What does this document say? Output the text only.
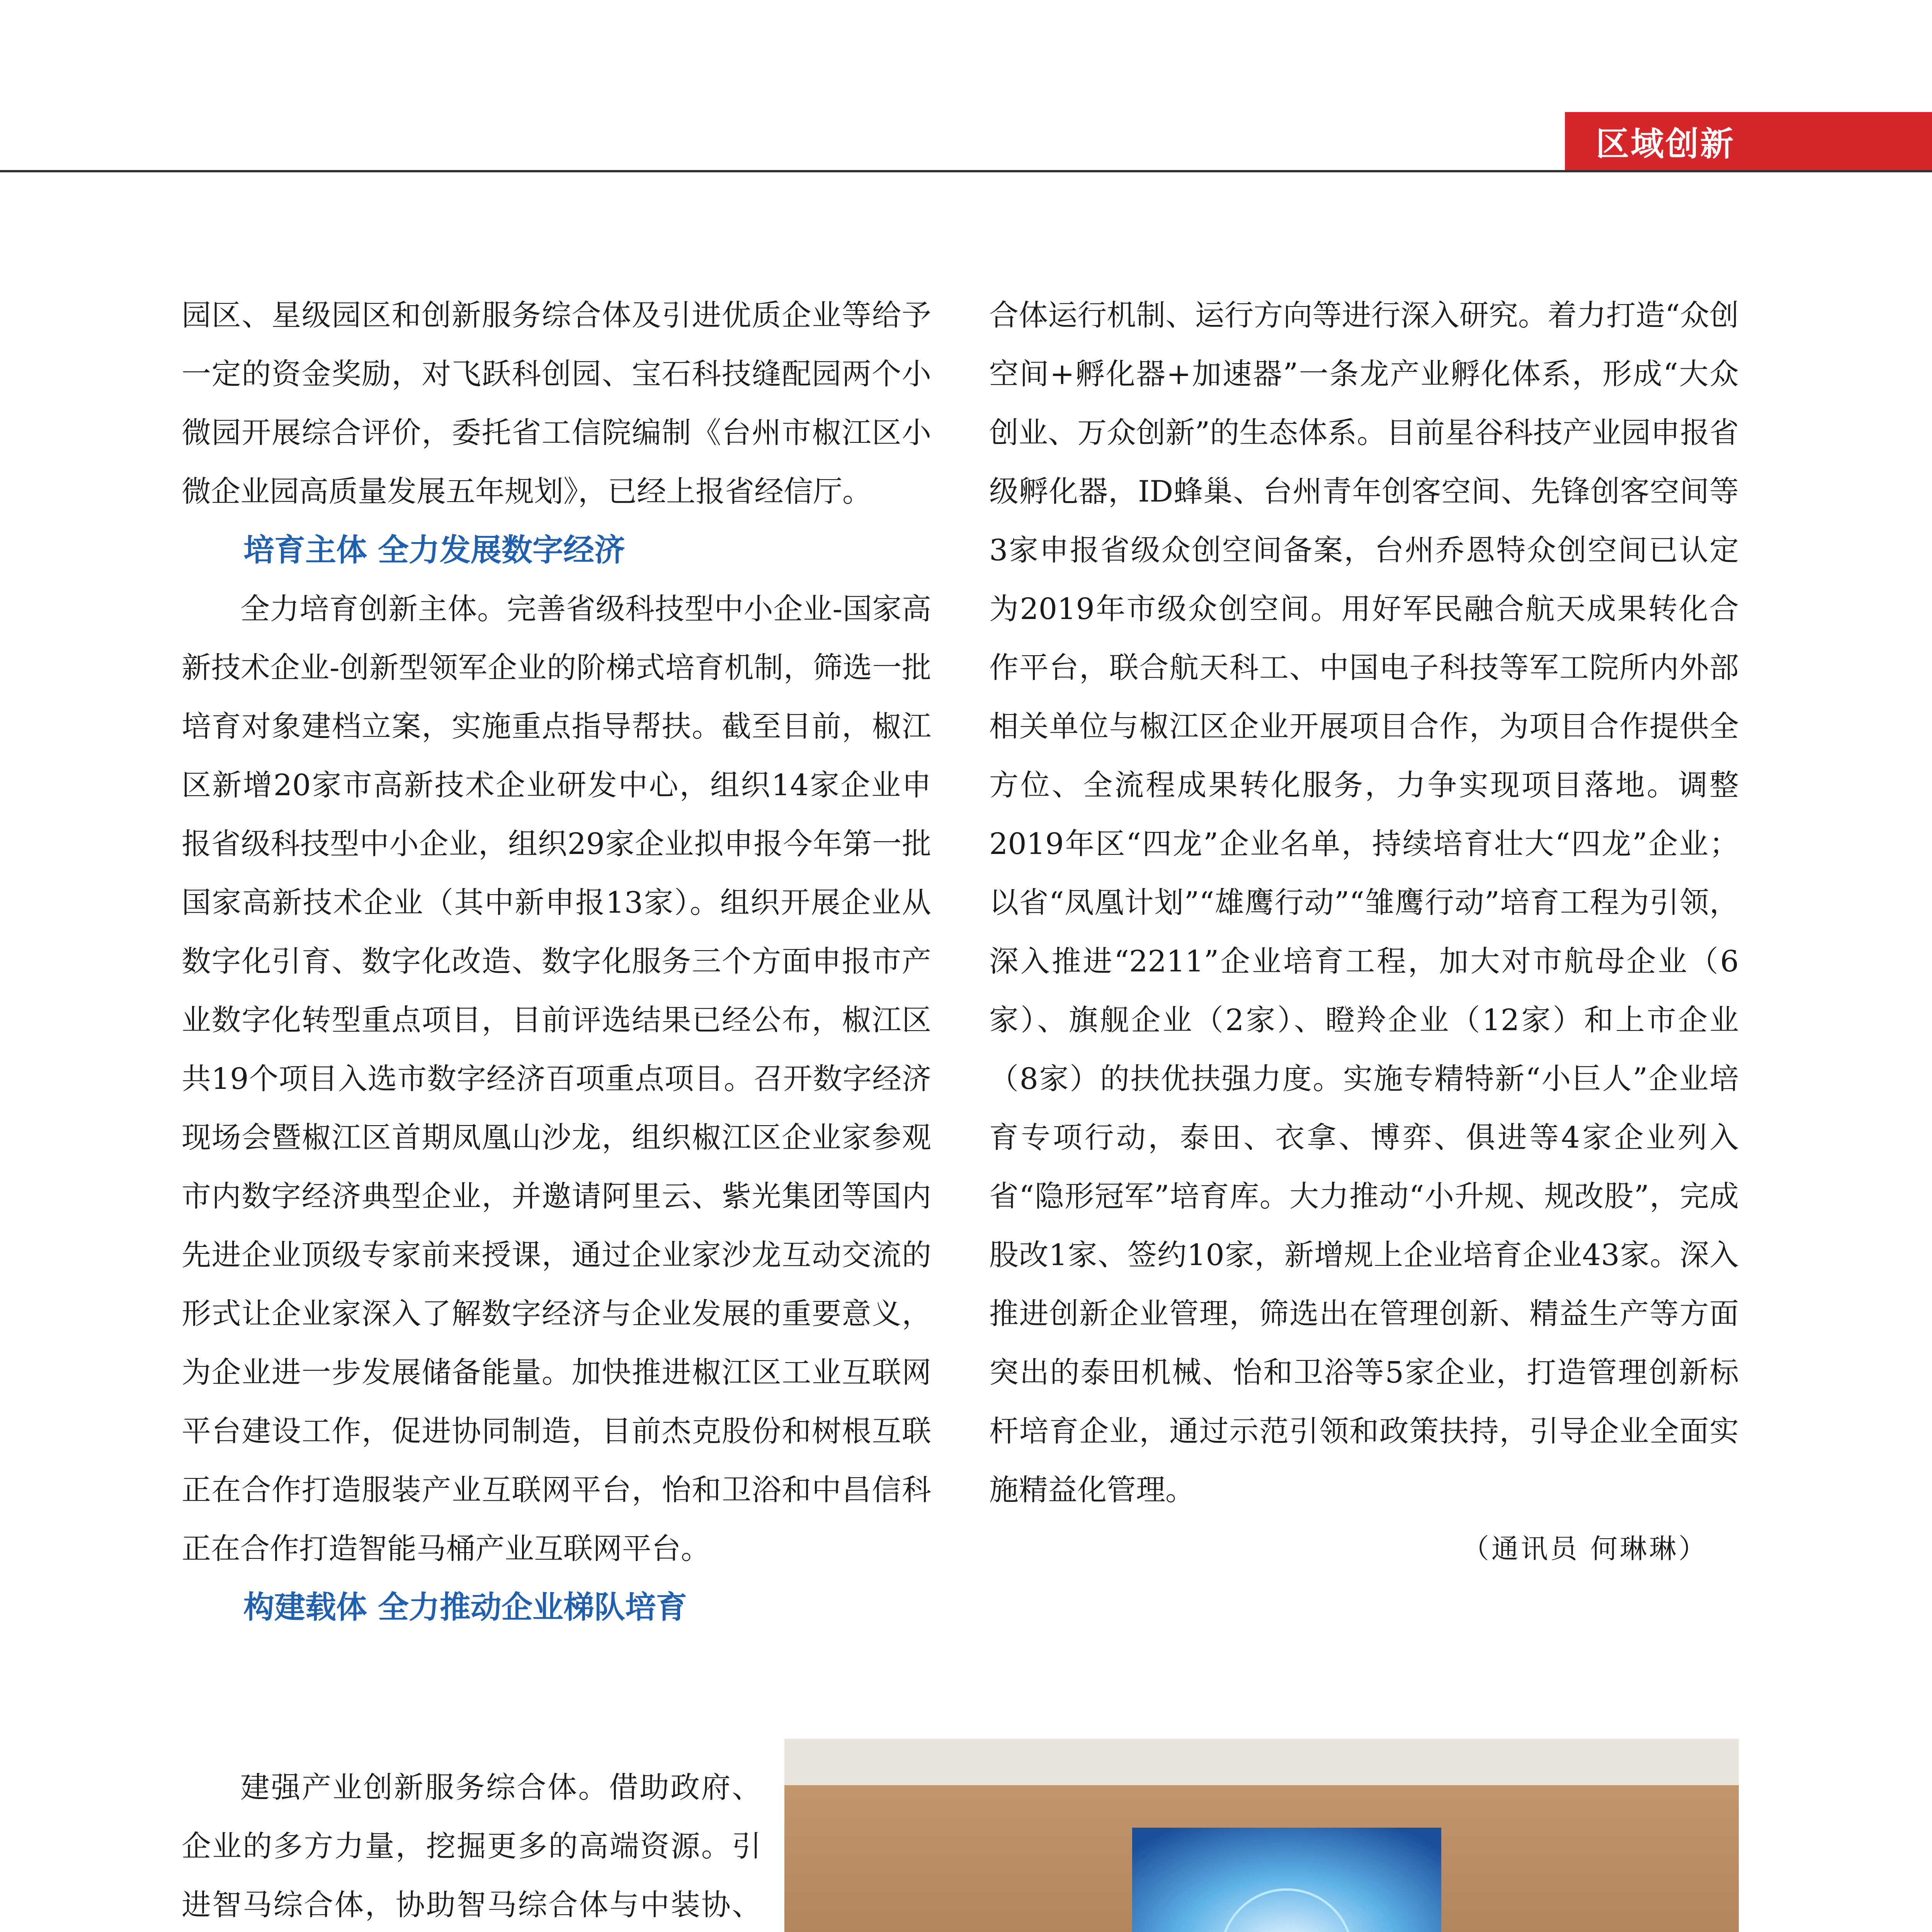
区域创新

园区、星级园区和创新服务综合体及引进优质企业等给予一定的资金奖励，对飞跃科创园、宝石科技缝配园两个小微园开展综合评价，委托省工信院编制《台州市椒江区小微企业园高质量发展五年规划》，已经上报省经信厅。

培育主体 全力发展数字经济

全力培育创新主体。完善省级科技型中小企业-国家高新技术企业-创新型领军企业的阶梯式培育机制，筛选一批培育对象建档立案，实施重点指导帮扶。截至目前，椒江区新增20家市高新技术企业研发中心，组织14家企业申报省级科技型中小企业，组织29家企业拟申报今年第一批国家高新技术企业（其中新申报13家）。组织开展企业从数字化引育、数字化改造、数字化服务三个方面申报市产业数字化转型重点项目，目前评选结果已经公布，椒江区共19个项目入选市数字经济百项重点项目。召开数字经济现场会暨椒江区首期凤凰山沙龙，组织椒江区企业家参观市内数字经济典型企业，并邀请阿里云、紫光集团等国内先进企业顶级专家前来授课，通过企业家沙龙互动交流的形式让企业家深入了解数字经济与企业发展的重要意义，为企业进一步发展储备能量。加快推进椒江区工业互联网平台建设工作，促进协同制造，目前杰克股份和树根互联正在合作打造服装产业互联网平台，怡和卫浴和中昌信科正在合作打造智能马桶产业互联网平台。

构建载体 全力推动企业梯队培育

建强产业创新服务综合体。借助政府、企业的多方力量，挖掘更多的高端资源。引进智马综合体，协助智马综合体与中装协、

合体运行机制、运行方向等进行深入研究。着力打造“众创空间+孵化器+加速器”一条龙产业孵化体系，形成“大众创业、万众创新”的生态体系。目前星谷科技产业园申报省级孵化器，ID蜂巢、台州青年创客空间、先锋创客空间等3家申报省级众创空间备案，台州乔恩特众创空间已认定为2019年市级众创空间。用好军民融合航天成果转化合作平台，联合航天科工、中国电子科技等军工院所内外部相关单位与椒江区企业开展项目合作，为项目合作提供全方位、全流程成果转化服务，力争实现项目落地。调整2019年区“四龙”企业名单，持续培育壮大“四龙”企业；以省“凤凰计划”“雄鹰行动”“雏鹰行动”培育工程为引领，深入推进“2211”企业培育工程，加大对市航母企业（6家）、旗舰企业（2家）、瞪羚企业（12家）和上市企业（8家）的扶优扶强力度。实施专精特新“小巨人”企业培育专项行动，泰田、衣拿、博弈、俱进等4家企业列入省“隐形冠军”培育库。大力推动“小升规、规改股”，完成股改1家、签约10家，新增规上企业培育企业43家。深入推进创新企业管理，筛选出在管理创新、精益生产等方面突出的泰田机械、怡和卫浴等5家企业，打造管理创新标杆培育企业，通过示范引领和政策扶持，引导企业全面实施精益化管理。

（通讯员 何琳琳）
